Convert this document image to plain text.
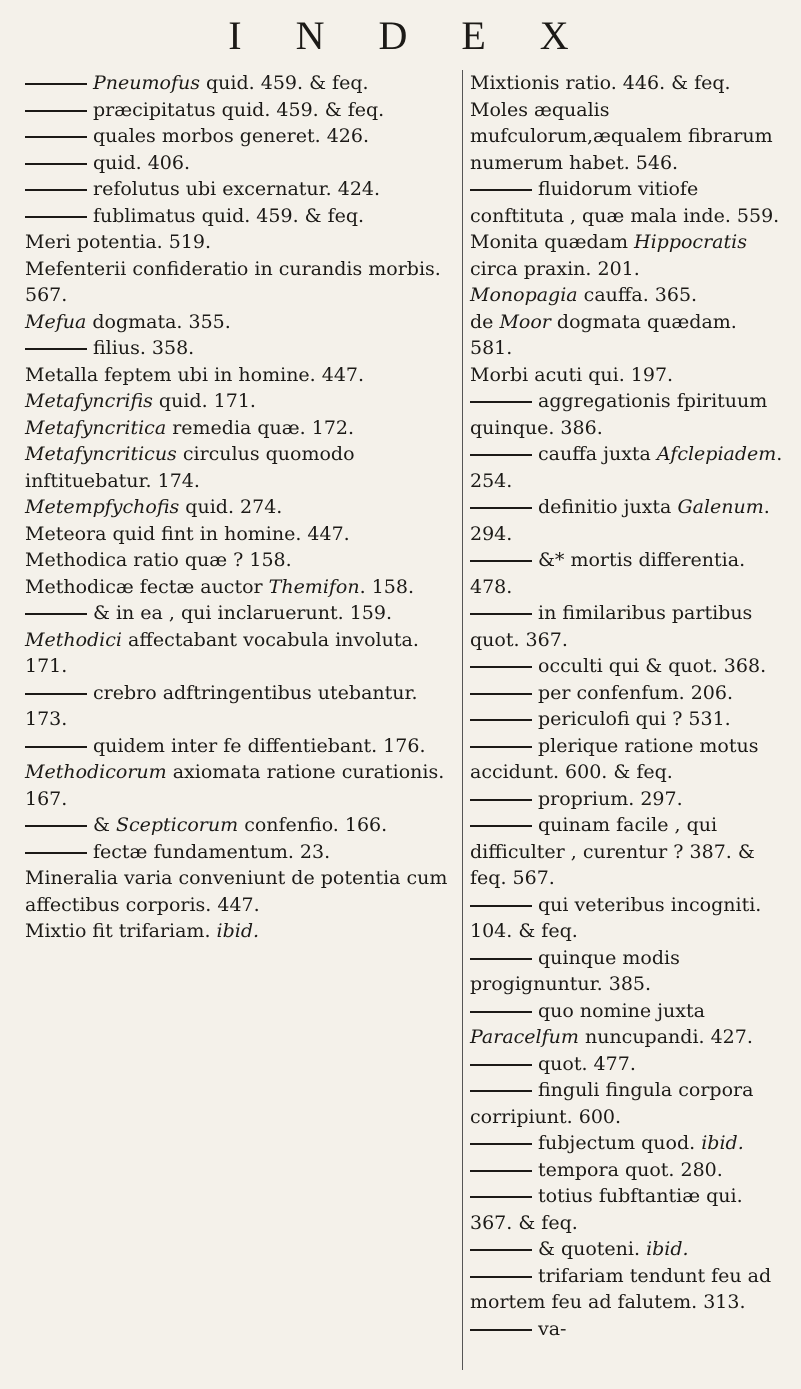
I N D E X

Pneumofus quid. 459. & feq.

præcipitatus quid. 459. & feq.

quales morbos generet. 426.

quid. 406.

refolutus ubi excernatur. 424.

fublimatus quid. 459. & feq.

Meri potentia. 519.

Mefenterii confideratio in curandis morbis. 567.

Mefua dogmata. 355.

filius. 358.

Metalla feptem ubi in homine. 447.

Metafyncrifis quid. 171.

Metafyncritica remedia quæ. 172.

Metafyncriticus circulus quomodo inftituebatur. 174.

Metempfychofis quid. 274.

Meteora quid fint in homine. 447.

Methodica ratio quæ ? 158.

Methodicæ fectæ auctor Themifon. 158.

& in ea , qui inclaruerunt. 159.

Methodici affectabant vocabula involuta. 171.

crebro adftringentibus utebantur. 173.

quidem inter fe diffentiebant. 176.

Methodicorum axiomata ratione curationis. 167.

& Scepticorum confenfio. 166.

fectæ fundamentum. 23.

Mineralia varia conveniunt de potentia cum affectibus corporis. 447.

Mixtio fit trifariam. ibid.

Mixtionis ratio. 446. & feq.

Moles æqualis mufculorum,æqualem fibrarum numerum habet. 546.

fluidorum vitiofe conftituta , quæ mala inde. 559.

Monita quædam Hippocratis circa praxin. 201.

Monopagia cauffa. 365.

de Moor dogmata quædam. 581.

Morbi acuti qui. 197.

aggregationis fpirituum quinque. 386.

cauffa juxta Afclepiadem. 254.

definitio juxta Galenum. 294.

&* mortis differentia. 478.

in fimilaribus partibus quot. 367.

occulti qui & quot. 368.

per confenfum. 206.

periculofi qui ? 531.

plerique ratione motus accidunt. 600. & feq.

proprium. 297.

quinam facile , qui difficulter , curentur ? 387. & feq. 567.

qui veteribus incogniti. 104. & feq.

quinque modis progignuntur. 385.

quo nomine juxta Paracelfum nuncupandi. 427.

quot. 477.

finguli fingula corpora corripiunt. 600.

fubjectum quod. ibid.

tempora quot. 280.

totius fubftantiæ qui. 367. & feq.

& quoteni. ibid.

trifariam tendunt feu ad mortem feu ad falutem. 313.

va-
